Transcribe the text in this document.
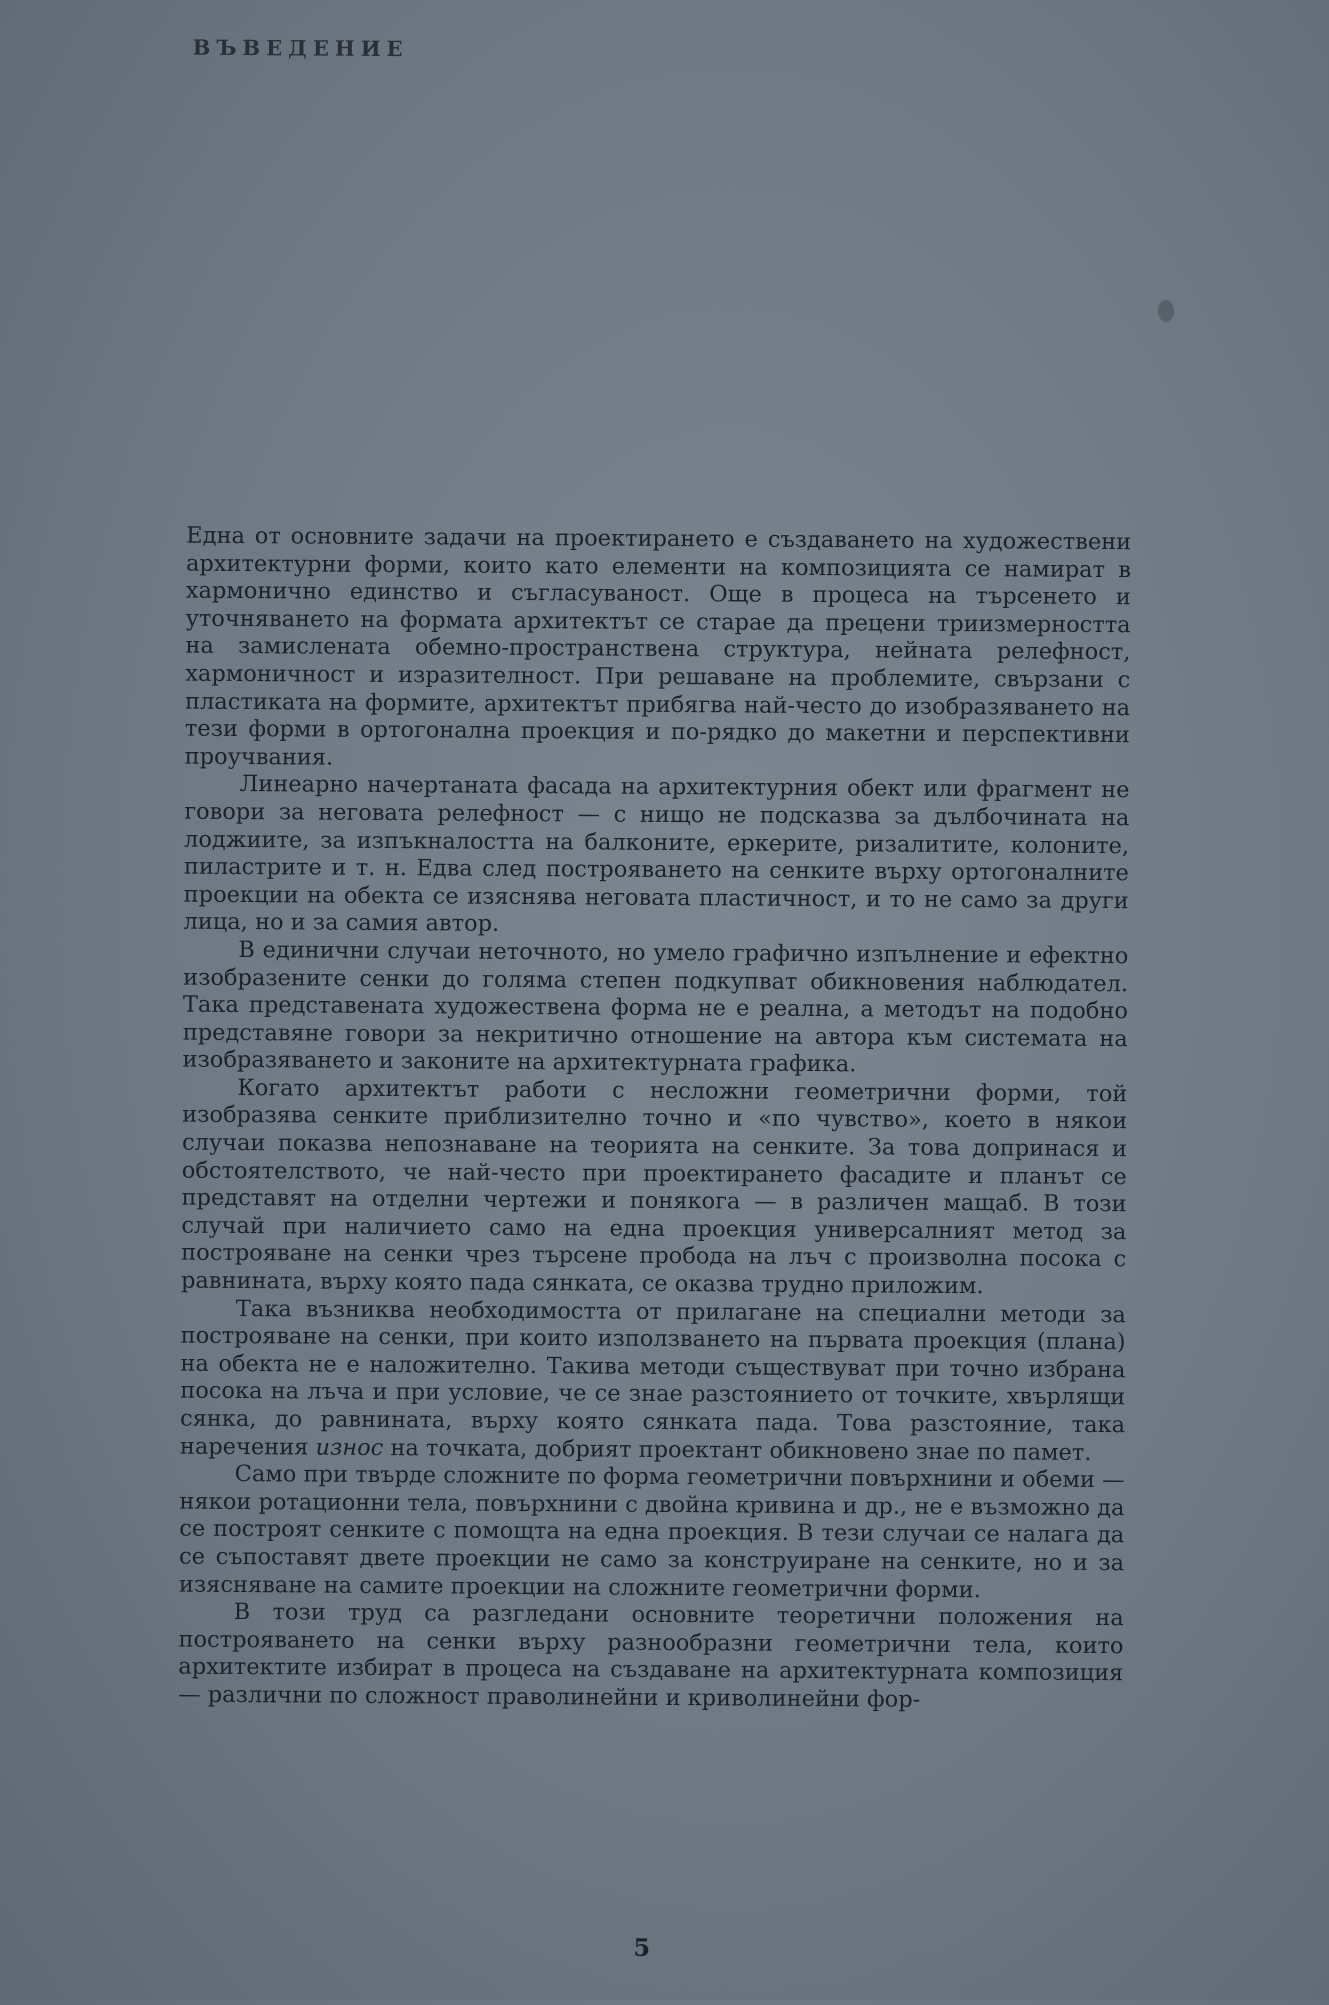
ВЪВЕДЕНИЕ

Една от основните задачи на проектирането е създаването на художествени архитектурни форми, които като елементи на композицията се намират в хармонично единство и съгласуваност. Още в процеса на търсенето и уточняването на формата архитектът се старае да прецени триизмерността на замислената обемно-пространствена структура, нейната релефност, хармоничност и изразителност. При решаване на проблемите, свързани с пластиката на формите, архитектът прибягва най-често до изобразяването на тези форми в ортогонална проекция и по-рядко до макетни и перспективни проучвания.

Линеарно начертаната фасада на архитектурния обект или фрагмент не говори за неговата релефност — с нищо не подсказва за дълбочината на лоджиите, за изпъкналостта на балконите, еркерите, ризалитите, колоните, пиластрите и т. н. Едва след построяването на сенките върху ортогоналните проекции на обекта се изяснява неговата пластичност, и то не само за други лица, но и за самия автор.

В единични случаи неточното, но умело графично изпълнение и ефектно изобразените сенки до голяма степен подкупват обикновения наблюдател. Така представената художествена форма не е реална, а методът на подобно представяне говори за некритично отношение на автора към системата на изобразяването и законите на архитектурната графика.

Когато архитектът работи с несложни геометрични форми, той изобразява сенките приблизително точно и «по чувство», което в някои случаи показва непознаване на теорията на сенките. За това допринася и обстоятелството, че най-често при проектирането фасадите и планът се представят на отделни чертежи и понякога — в различен мащаб. В този случай при наличието само на една проекция универсалният метод за построяване на сенки чрез търсене пробода на лъч с произволна посока с равнината, върху която пада сянката, се оказва трудно приложим.

Така възниква необходимостта от прилагане на специални методи за построяване на сенки, при които използването на първата проекция (плана) на обекта не е наложително. Такива методи съществуват при точно избрана посока на лъча и при условие, че се знае разстоянието от точките, хвърлящи сянка, до равнината, върху която сянката пада. Това разстояние, така наречения износ на точката, добрият проектант обикновено знае по памет.

Само при твърде сложните по форма геометрични повърхнини и обеми — някои ротационни тела, повърхнини с двойна кривина и др., не е възможно да се построят сенките с помощта на една проекция. В тези случаи се налага да се съпоставят двете проекции не само за конструиране на сенките, но и за изясняване на самите проекции на сложните геометрични форми.

В този труд са разгледани основните теоретични положения на построяването на сенки върху разнообразни геометрични тела, които архитектите избират в процеса на създаване на архитектурната композиция — различни по сложност праволинейни и криволинейни фор-

5
